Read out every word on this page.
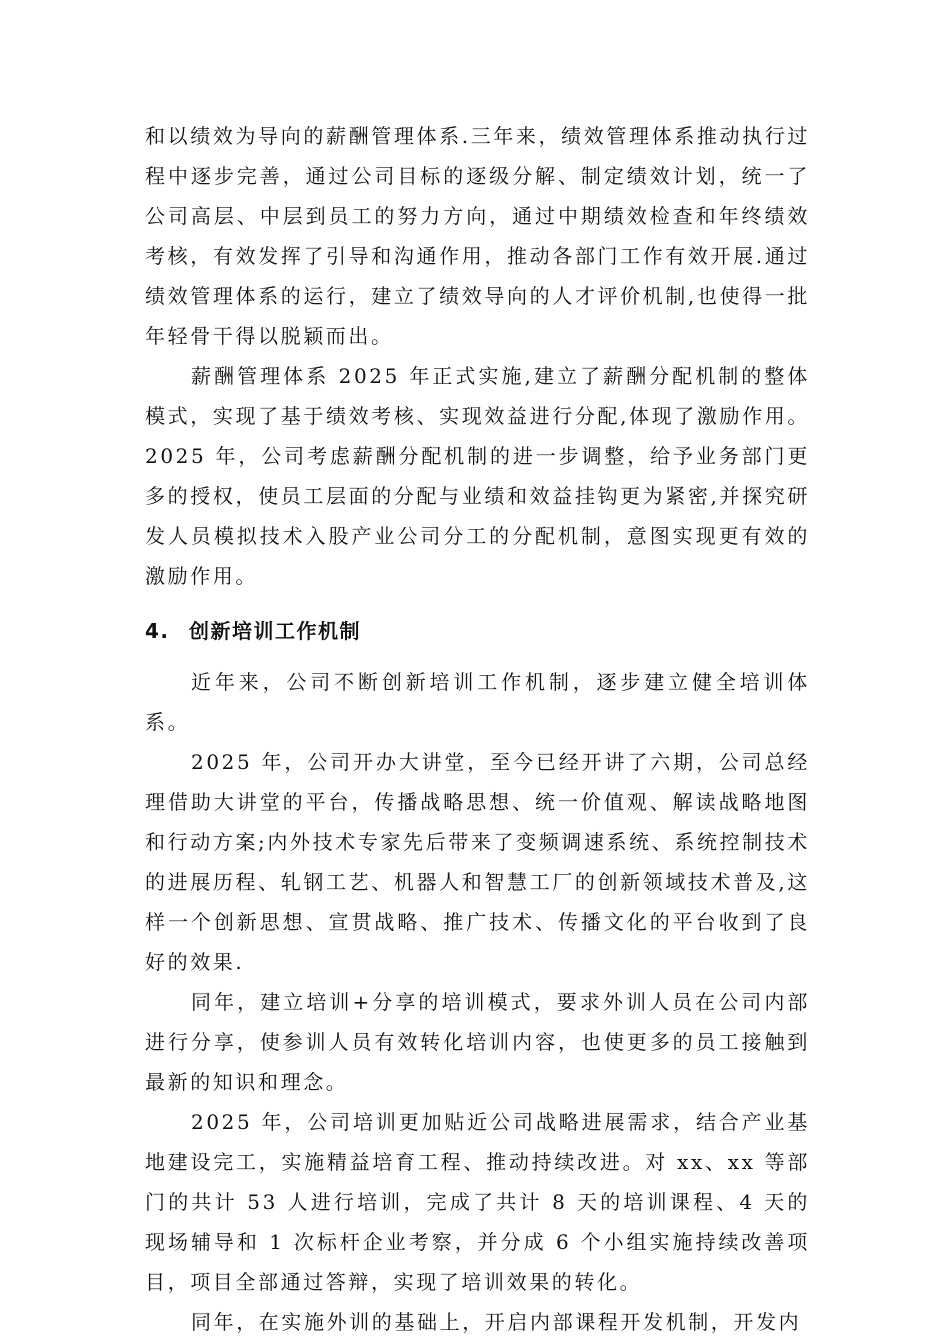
和以绩效为导向的薪酬管理体系.三年来，绩效管理体系推动执行过程中逐步完善，通过公司目标的逐级分解、制定绩效计划，统一了公司高层、中层到员工的努力方向，通过中期绩效检查和年终绩效考核，有效发挥了引导和沟通作用，推动各部门工作有效开展.通过绩效管理体系的运行，建立了绩效导向的人才评价机制,也使得一批年轻骨干得以脱颖而出。

薪酬管理体系 2025 年正式实施,建立了薪酬分配机制的整体模式，实现了基于绩效考核、实现效益进行分配,体现了激励作用。2025 年，公司考虑薪酬分配机制的进一步调整，给予业务部门更多的授权，使员工层面的分配与业绩和效益挂钩更为紧密,并探究研发人员模拟技术入股产业公司分工的分配机制，意图实现更有效的激励作用。

4. 创新培训工作机制

近年来，公司不断创新培训工作机制，逐步建立健全培训体系。

2025 年，公司开办大讲堂，至今已经开讲了六期，公司总经理借助大讲堂的平台，传播战略思想、统一价值观、解读战略地图和行动方案;内外技术专家先后带来了变频调速系统、系统控制技术的进展历程、轧钢工艺、机器人和智慧工厂的创新领域技术普及,这样一个创新思想、宣贯战略、推广技术、传播文化的平台收到了良好的效果.

同年，建立培训+分享的培训模式，要求外训人员在公司内部进行分享，使参训人员有效转化培训内容，也使更多的员工接触到最新的知识和理念。

2025 年，公司培训更加贴近公司战略进展需求，结合产业基地建设完工，实施精益培育工程、推动持续改进。对 xx、xx 等部门的共计 53 人进行培训，完成了共计 8 天的培训课程、4 天的现场辅导和 1 次标杆企业考察，并分成 6 个小组实施持续改善项目，项目全部通过答辩，实现了培训效果的转化。

同年，在实施外训的基础上，开启内部课程开发机制，开发内
